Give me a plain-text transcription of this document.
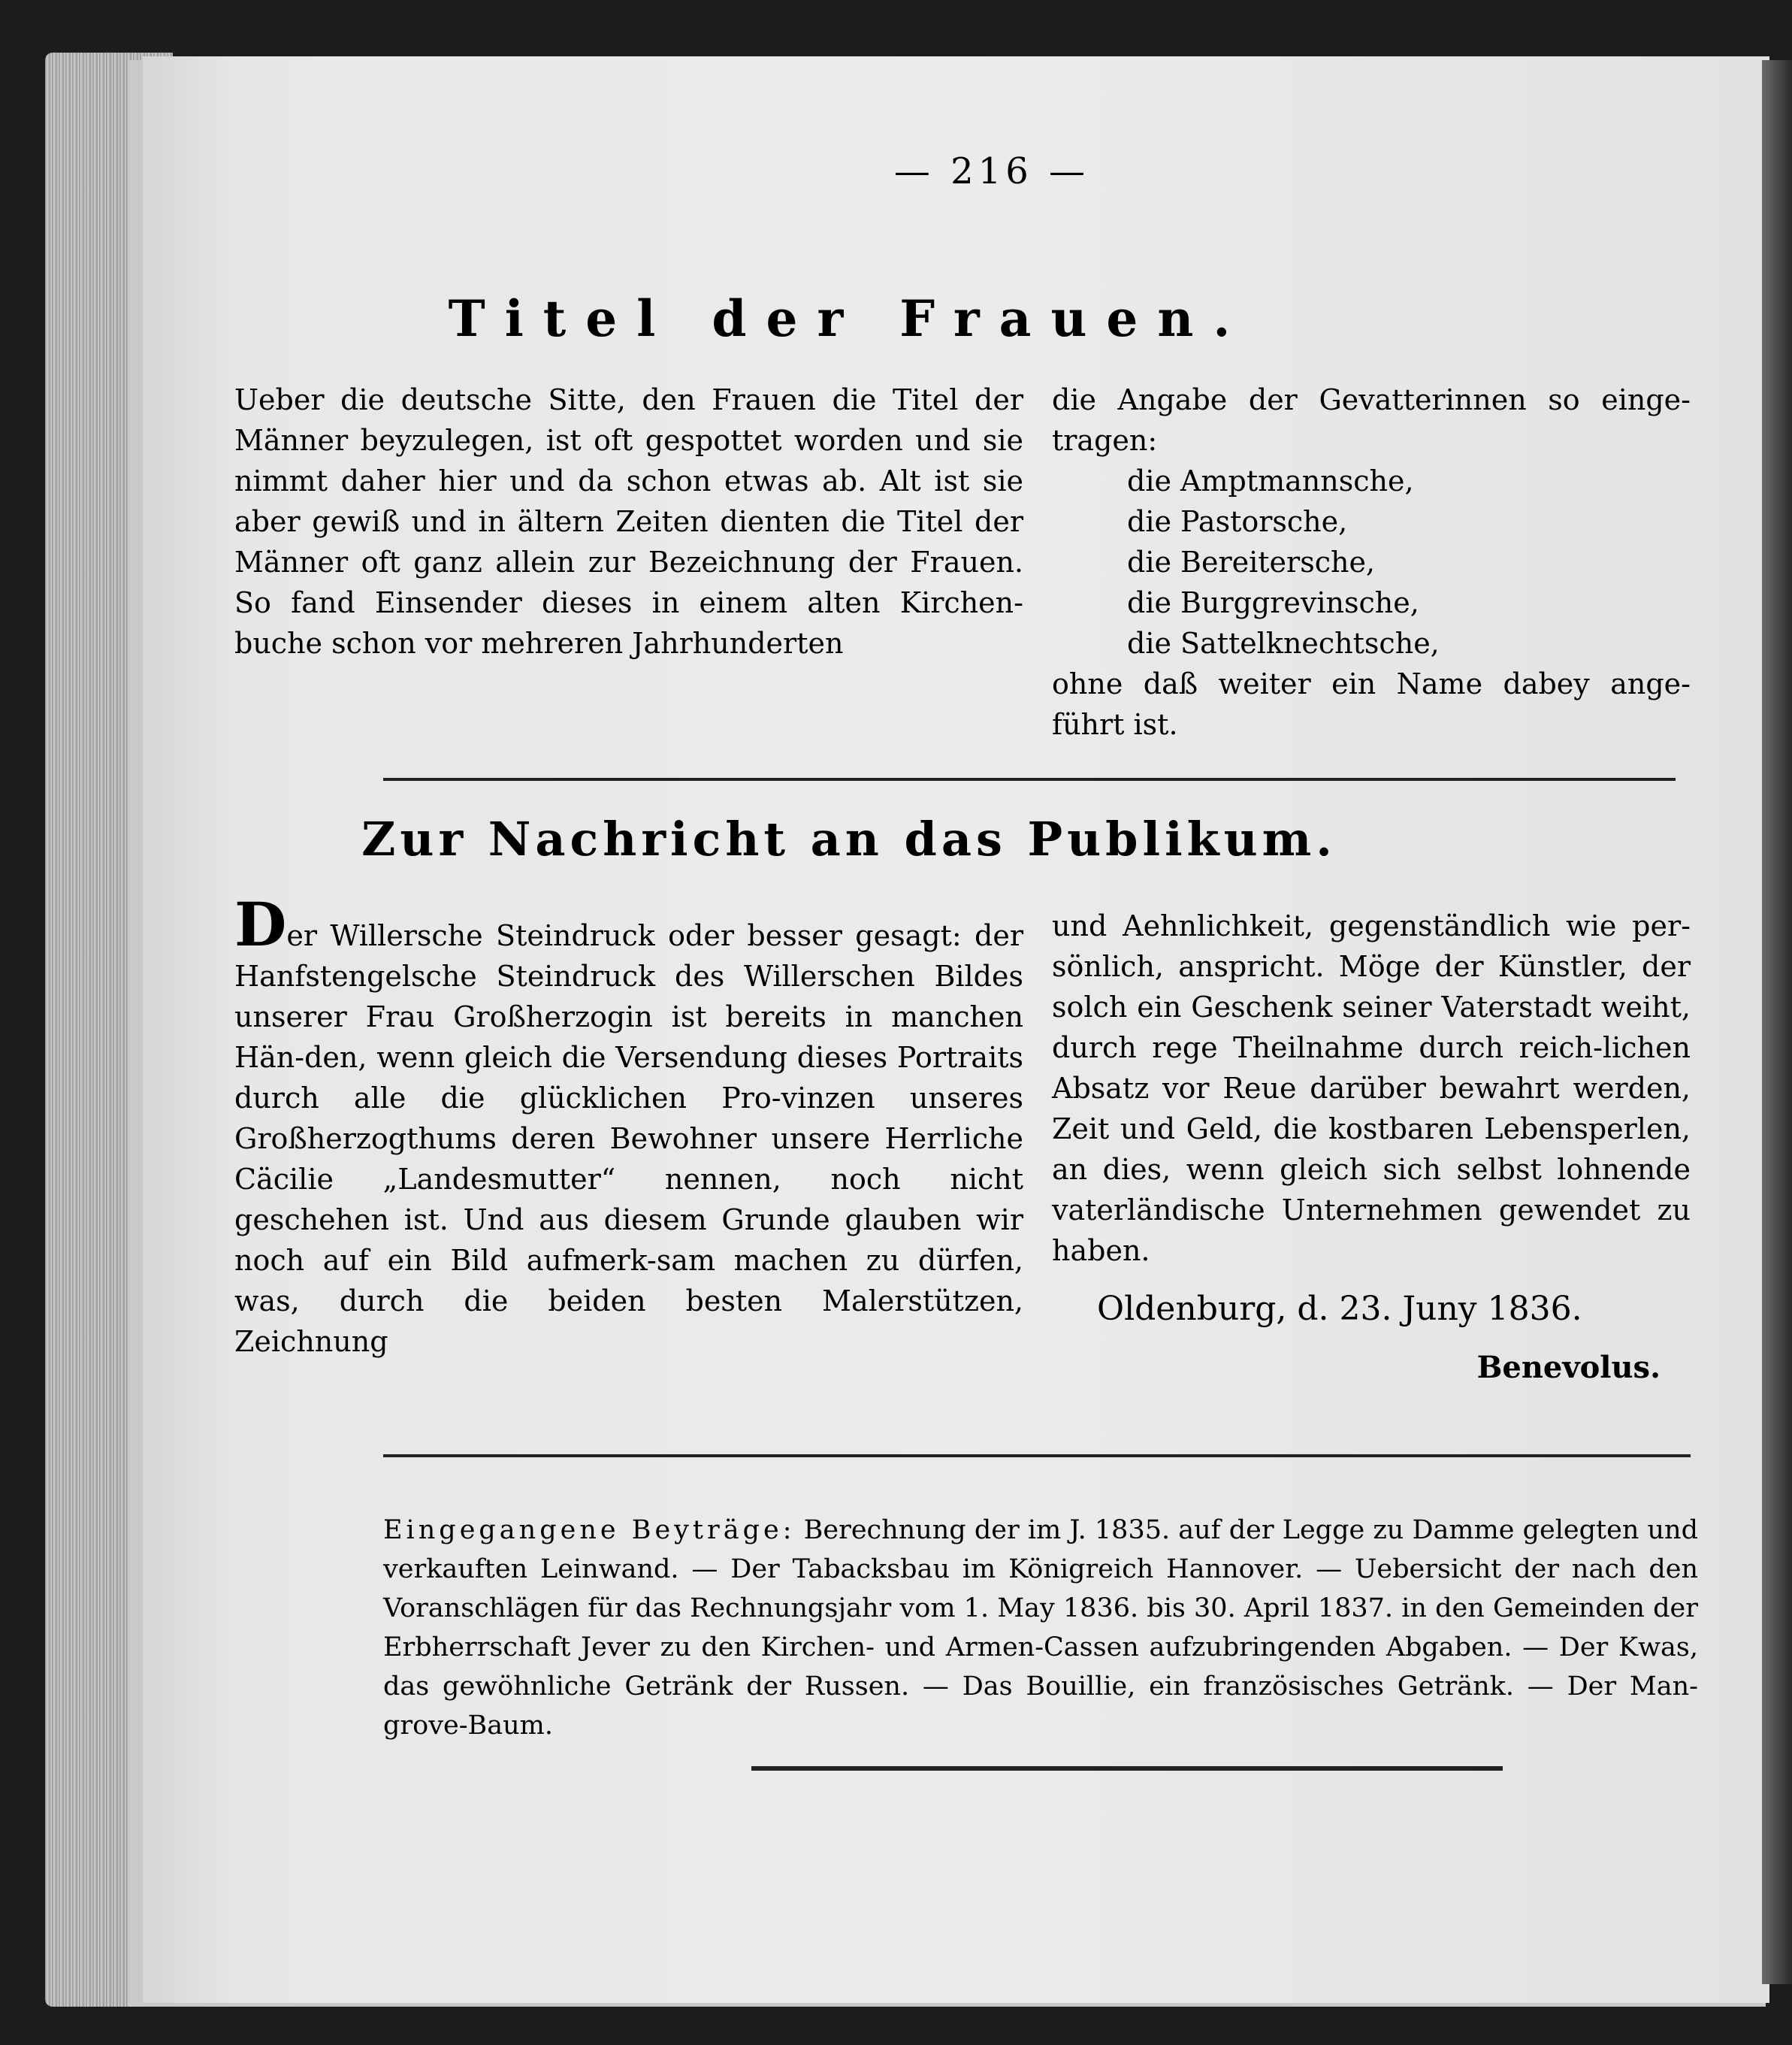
— 216 —
Titel der Frauen.

Ueber die deutsche Sitte, den Frauen die Titel der Männer beyzulegen, ist oft gespottet worden und sie nimmt daher hier und da schon etwas ab. Alt ist sie aber gewiß und in ältern Zeiten dienten die Titel der Männer oft ganz allein zur Bezeichnung der Frauen. So fand Einsender dieses in einem alten Kirchen-buche schon vor mehreren Jahrhunderten

die Angabe der Gevatterinnen so einge-tragen:

die Amptmannsche,
die Pastorsche,
die Bereitersche,
die Burggrevinsche,
die Sattelknechtsche,

ohne daß weiter ein Name dabey ange-führt ist.

Zur Nachricht an das Publikum.

Der Willersche Steindruck oder besser gesagt: der Hanfstengelsche Steindruck des Willerschen Bildes unserer Frau Großherzogin ist bereits in manchen Hän-den, wenn gleich die Versendung dieses Portraits durch alle die glücklichen Pro-vinzen unseres Großherzogthums deren Bewohner unsere Herrliche Cäcilie „Landesmutter“ nennen, noch nicht geschehen ist. Und aus diesem Grunde glauben wir noch auf ein Bild aufmerk-sam machen zu dürfen, was, durch die beiden besten Malerstützen, Zeichnung

und Aehnlichkeit, gegenständlich wie per-sönlich, anspricht. Möge der Künstler, der solch ein Geschenk seiner Vaterstadt weiht, durch rege Theilnahme durch reich-lichen Absatz vor Reue darüber bewahrt werden, Zeit und Geld, die kostbaren Lebensperlen, an dies, wenn gleich sich selbst lohnende vaterländische Unternehmen gewendet zu haben.

Oldenburg, d. 23. Juny 1836.

Benevolus.

Eingegangene Beyträge: Berechnung der im J. 1835. auf der Legge zu Damme gelegten und verkauften Leinwand. — Der Tabacksbau im Königreich Hannover. — Uebersicht der nach den Voranschlägen für das Rechnungsjahr vom 1. May 1836. bis 30. April 1837. in den Gemeinden der Erbherrschaft Jever zu den Kirchen- und Armen-Cassen aufzubringenden Abgaben. — Der Kwas, das gewöhnliche Getränk der Russen. — Das Bouillie, ein französisches Getränk. — Der Man-grove-Baum.
